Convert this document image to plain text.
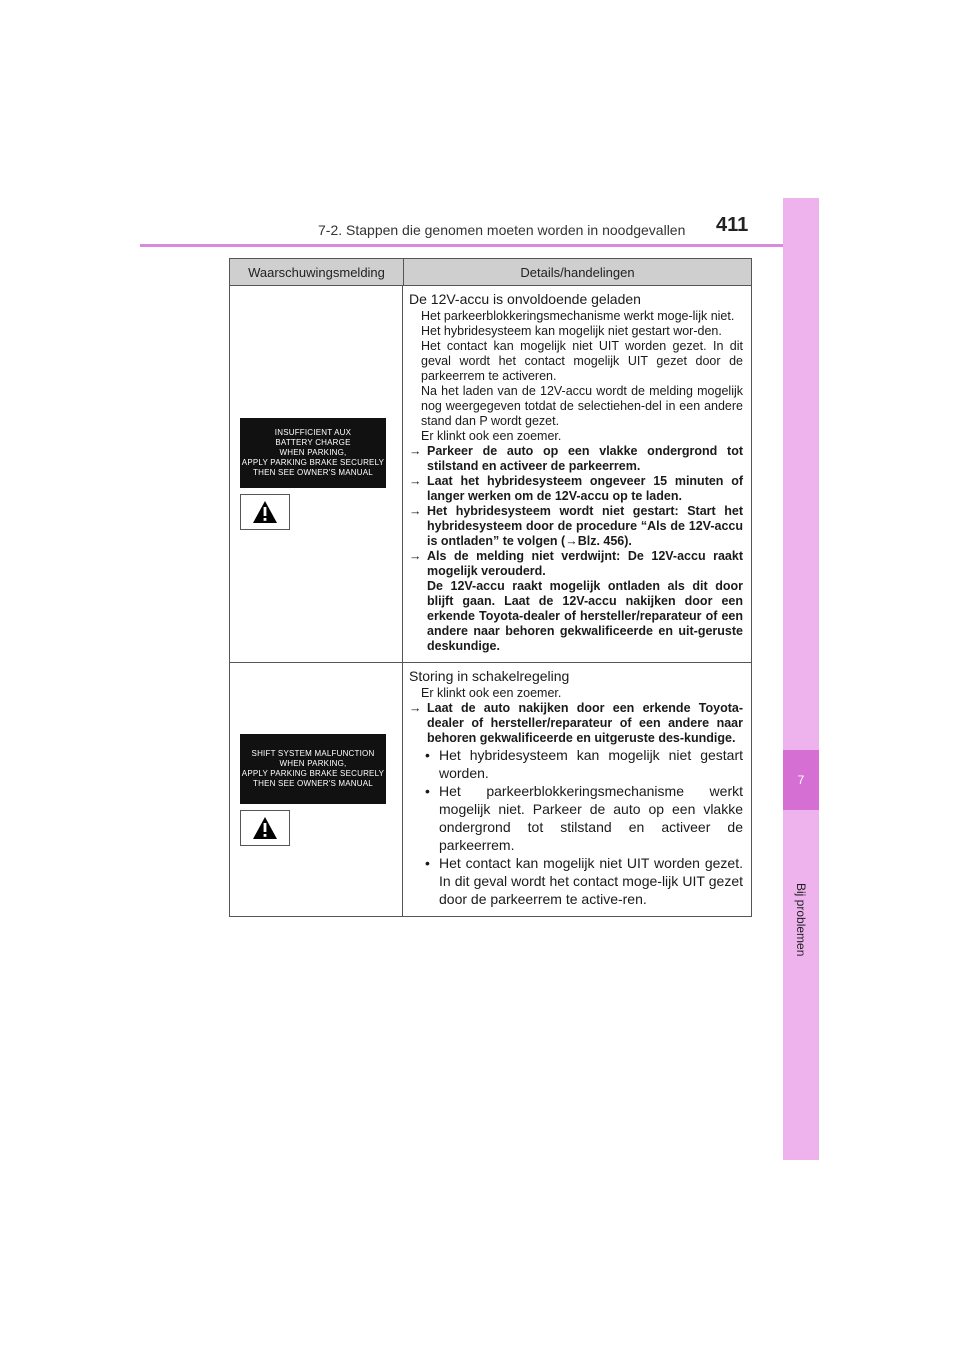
7-2. Stappen die genomen moeten worden in noodgevallen 411
7
Bij problemen
Waarschuwingsmelding	Details/handelingen
INSUFFICIENT AUX
BATTERY CHARGE
WHEN PARKING,
APPLY PARKING BRAKE SECURELY
THEN SEE OWNER'S MANUAL
De 12V-accu is onvoldoende geladen
Het parkeerblokkeringsmechanisme werkt moge-lijk niet.
Het hybridesysteem kan mogelijk niet gestart wor-den.
Het contact kan mogelijk niet UIT worden gezet. In dit geval wordt het contact mogelijk UIT gezet door de parkeerrem te activeren.
Na het laden van de 12V-accu wordt de melding mogelijk nog weergegeven totdat de selectiehen-del in een andere stand dan P wordt gezet.
Er klinkt ook een zoemer.
→ Parkeer de auto op een vlakke ondergrond tot stilstand en activeer de parkeerrem.
→ Laat het hybridesysteem ongeveer 15 minuten of langer werken om de 12V-accu op te laden.
→ Het hybridesysteem wordt niet gestart: Start het hybridesysteem door de procedure “Als de 12V-accu is ontladen” te volgen (→Blz. 456).
→ Als de melding niet verdwijnt: De 12V-accu raakt mogelijk verouderd.
De 12V-accu raakt mogelijk ontladen als dit door blijft gaan. Laat de 12V-accu nakijken door een erkende Toyota-dealer of hersteller/reparateur of een andere naar behoren gekwalificeerde en uit-geruste deskundige.
SHIFT SYSTEM MALFUNCTION
WHEN PARKING,
APPLY PARKING BRAKE SECURELY
THEN SEE OWNER'S MANUAL
Storing in schakelregeling
Er klinkt ook een zoemer.
→ Laat de auto nakijken door een erkende Toyota-dealer of hersteller/reparateur of een andere naar behoren gekwalificeerde en uitgeruste des-kundige.
• Het hybridesysteem kan mogelijk niet gestart worden.
• Het parkeerblokkeringsmechanisme werkt mogelijk niet. Parkeer de auto op een vlakke ondergrond tot stilstand en activeer de parkeerrem.
• Het contact kan mogelijk niet UIT worden gezet. In dit geval wordt het contact moge-lijk UIT gezet door de parkeerrem te active-ren.
